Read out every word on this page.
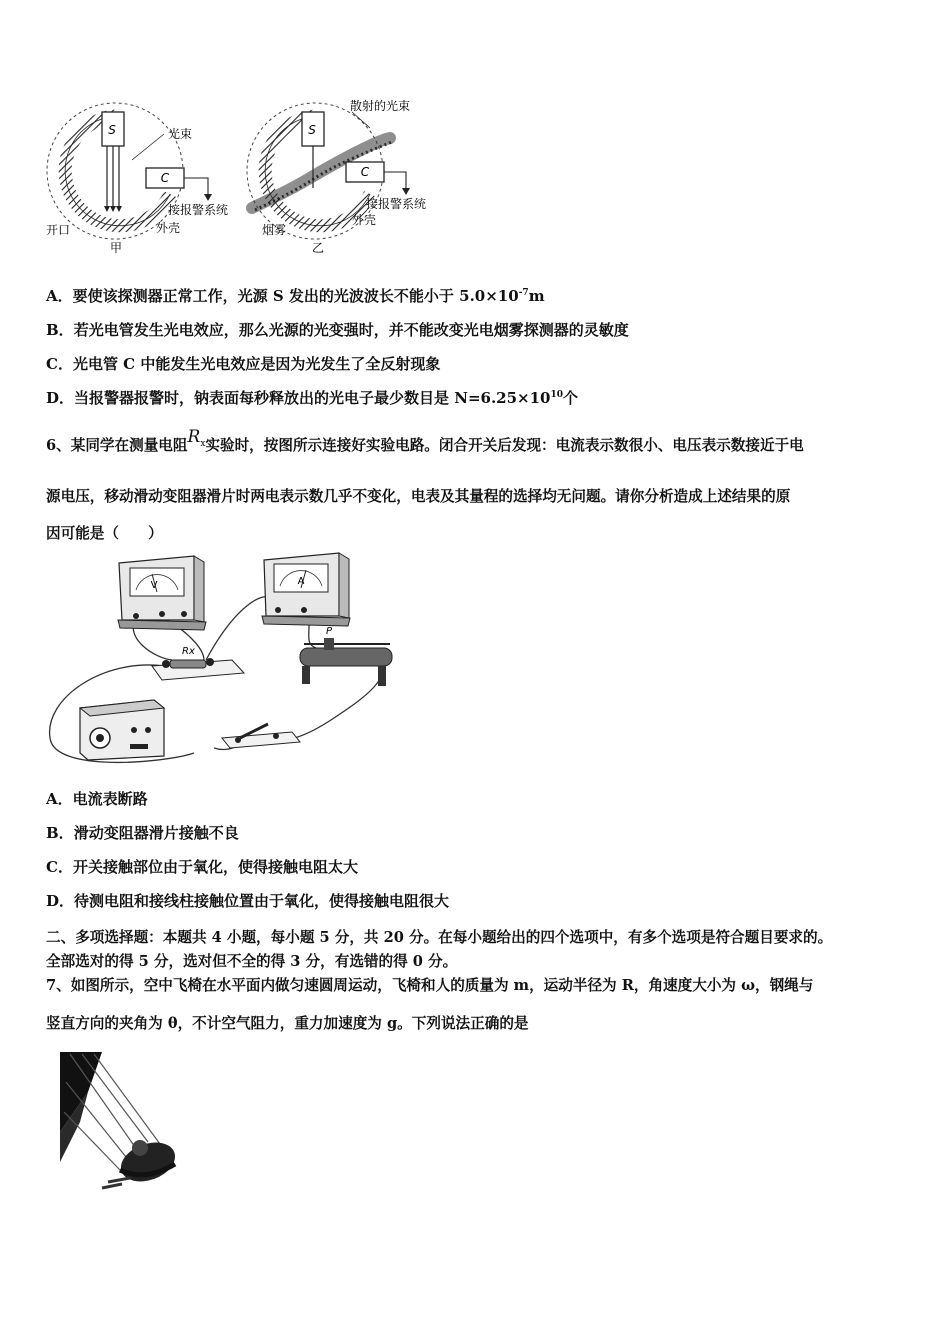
S
C
光束
接报警系统
外壳
开口
甲
S
C
散射的光束
接报警系统
外壳
烟雾
乙
A．要使该探测器正常工作，光源 S 发出的光波波长不能小于 $5.0\times 10^{-7}m$
B．若光电管发生光电效应，那么光源的光变强时，并不能改变光电烟雾探测器的灵敏度
C．光电管 C 中能发生光电效应是因为光发生了全反射现象
D．当报警器报警时，钠表面每秒释放出的光电子最少数目是 $N=6.25\times 10^{10}$个
6、某同学在测量电阻$R^x$实验时，按图所示连接好实验电路。闭合开关后发现：电流表示数很小、电压表示数接近于电
源电压，移动滑动变阻器滑片时两电表示数几乎不变化，电表及其量程的选择均无问题。请你分析造成上述结果的原
因可能是（　　）
V	A
Rx
P
A．电流表断路
B．滑动变阻器滑片接触不良
C．开关接触部位由于氧化，使得接触电阻太大
D．待测电阻和接线柱接触位置由于氧化，使得接触电阻很大
二、多项选择题：本题共 4 小题，每小题 5 分，共 20 分。在每小题给出的四个选项中，有多个选项是符合题目要求的。
全部选对的得 5 分，选对但不全的得 3 分，有选错的得 0 分。
7、如图所示，空中飞椅在水平面内做匀速圆周运动，飞椅和人的质量为 m，运动半径为 R，角速度大小为 ω，钢绳与
竖直方向的夹角为 θ，不计空气阻力，重力加速度为 g。下列说法正确的是
